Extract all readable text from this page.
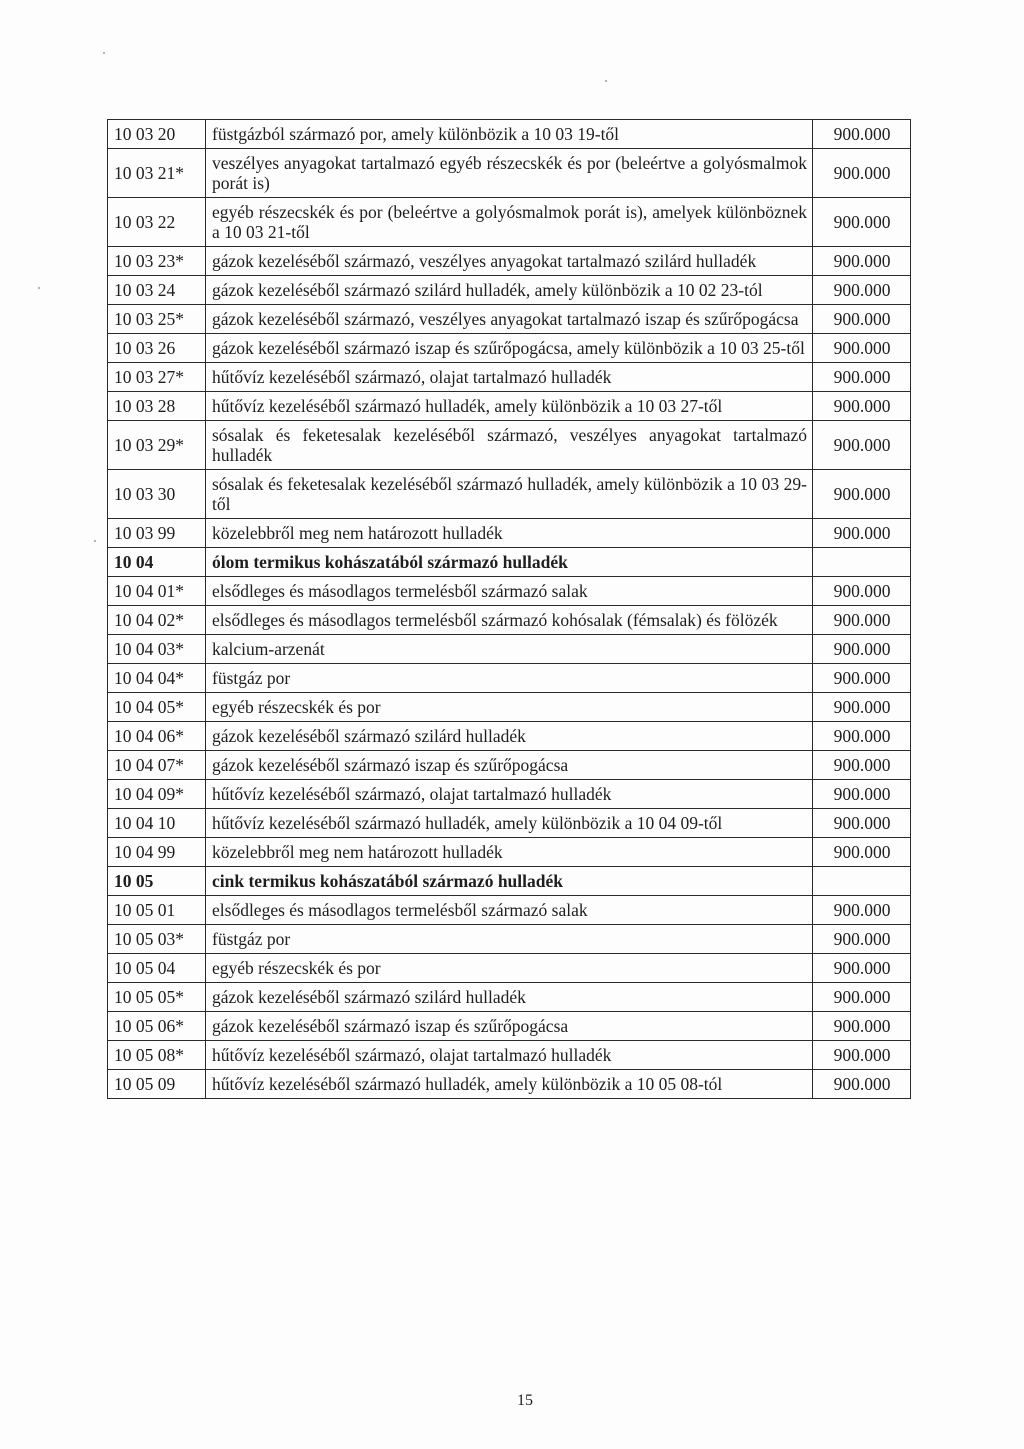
10 03 20	füstgázból származó por, amely különbözik a 10 03 19-től	900.000
10 03 21*	veszélyes anyagokat tartalmazó egyéb részecskék és por (beleértve a golyósmalmok porát is)	900.000
10 03 22	egyéb részecskék és por (beleértve a golyósmalmok porát is), amelyek különböznek a 10 03 21-től	900.000
10 03 23*	gázok kezeléséből származó, veszélyes anyagokat tartalmazó szilárd hulladék	900.000
10 03 24	gázok kezeléséből származó szilárd hulladék, amely különbözik a 10 02 23-tól	900.000
10 03 25*	gázok kezeléséből származó, veszélyes anyagokat tartalmazó iszap és szűrőpogácsa	900.000
10 03 26	gázok kezeléséből származó iszap és szűrőpogácsa, amely különbözik a 10 03 25-től	900.000
10 03 27*	hűtővíz kezeléséből származó, olajat tartalmazó hulladék	900.000
10 03 28	hűtővíz kezeléséből származó hulladék, amely különbözik a 10 03 27-től	900.000
10 03 29*	sósalak és feketesalak kezeléséből származó, veszélyes anyagokat tartalmazó hulladék	900.000
10 03 30	sósalak és feketesalak kezeléséből származó hulladék, amely különbözik a 10 03 29-től	900.000
10 03 99	közelebbről meg nem határozott hulladék	900.000
10 04	ólom termikus kohászatából származó hulladék	
10 04 01*	elsődleges és másodlagos termelésből származó salak	900.000
10 04 02*	elsődleges és másodlagos termelésből származó kohósalak (fémsalak) és fölözék	900.000
10 04 03*	kalcium-arzenát	900.000
10 04 04*	füstgáz por	900.000
10 04 05*	egyéb részecskék és por	900.000
10 04 06*	gázok kezeléséből származó szilárd hulladék	900.000
10 04 07*	gázok kezeléséből származó iszap és szűrőpogácsa	900.000
10 04 09*	hűtővíz kezeléséből származó, olajat tartalmazó hulladék	900.000
10 04 10	hűtővíz kezeléséből származó hulladék, amely különbözik a 10 04 09-től	900.000
10 04 99	közelebbről meg nem határozott hulladék	900.000
10 05	cink termikus kohászatából származó hulladék	
10 05 01	elsődleges és másodlagos termelésből származó salak	900.000
10 05 03*	füstgáz por	900.000
10 05 04	egyéb részecskék és por	900.000
10 05 05*	gázok kezeléséből származó szilárd hulladék	900.000
10 05 06*	gázok kezeléséből származó iszap és szűrőpogácsa	900.000
10 05 08*	hűtővíz kezeléséből származó, olajat tartalmazó hulladék	900.000
10 05 09	hűtővíz kezeléséből származó hulladék, amely különbözik a 10 05 08-tól	900.000
15
